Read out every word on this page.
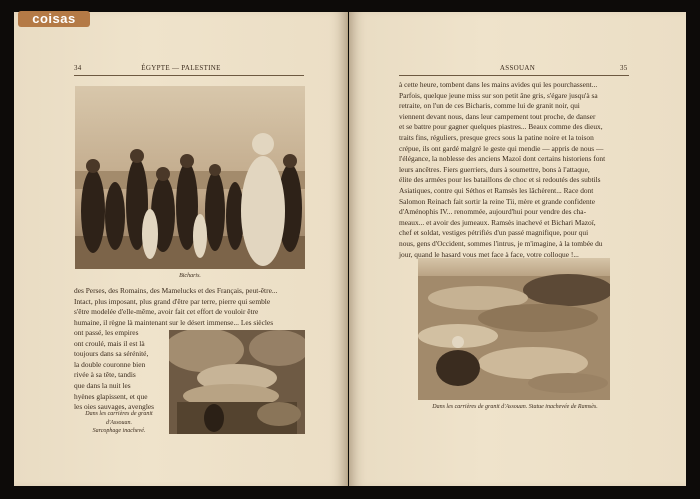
34	ÉGYPTE — PALESTINE
Bicharis.

des Perses, des Romains, des Mamelucks et des Français, peut-être...

Intact, plus imposant, plus grand d'être par terre, pierre qui semble

s'être modelée d'elle-même, avoir fait cet effort de vouloir être

humaine, il règne là maintenant sur le désert immense... Les siècles

ont passé, les empires

ont croulé, mais il est là

toujours dans sa sérénité,

la double couronne bien

rivée à sa tête, tandis

que dans la nuit les

hyènes glapissent, et que

les oies sauvages, avengles

Dans les carrières de granit
d'Assouan.
Sarcophage inachevé.
ASSOUAN	35

à cette heure, tombent dans les mains avides qui les pourchassent...

Parfois, quelque jeune miss sur son petit âne gris, s'égare jusqu'à sa

retraite, on l'un de ces Bicharis, comme lui de granit noir, qui

viennent devant nous, dans leur campement tout proche, de danser

et se battre pour gagner quelques piastres... Beaux comme des dieux,

traits fins, réguliers, presque grecs sous la patine noire et la toison

crépue, ils ont gardé malgré le geste qui mendie — appris de nous —

l'élégance, la noblesse des anciens Mazoï dont certains historiens font

leurs ancêtres. Fiers guerriers, durs à soumettre, bons à l'attaque,

élite des armées pour les bataillons de choc et si redoutés des subtils

Asiatiques, contre qui Séthos et Ramsès les lâchèrent... Race dont

Salomon Reinach fait sortir la reine Tii, mère et grande confidente

d'Aménophis IV... renommée, aujourd'hui pour vendre des cha-

meaux... et avoir des jumeaux. Ramsès inachevé et Bichari Mazoï,

chef et soldat, vestiges pétrifiés d'un passé magnifique, pour qui

nous, gens d'Occident, sommes l'intrus, je m'imagine, à la tombée du

jour, quand le hasard vous met face à face, votre colloque !...

Dans les carrières de granit d'Assouan. Statue inachevée de Ramsès.
coisas
